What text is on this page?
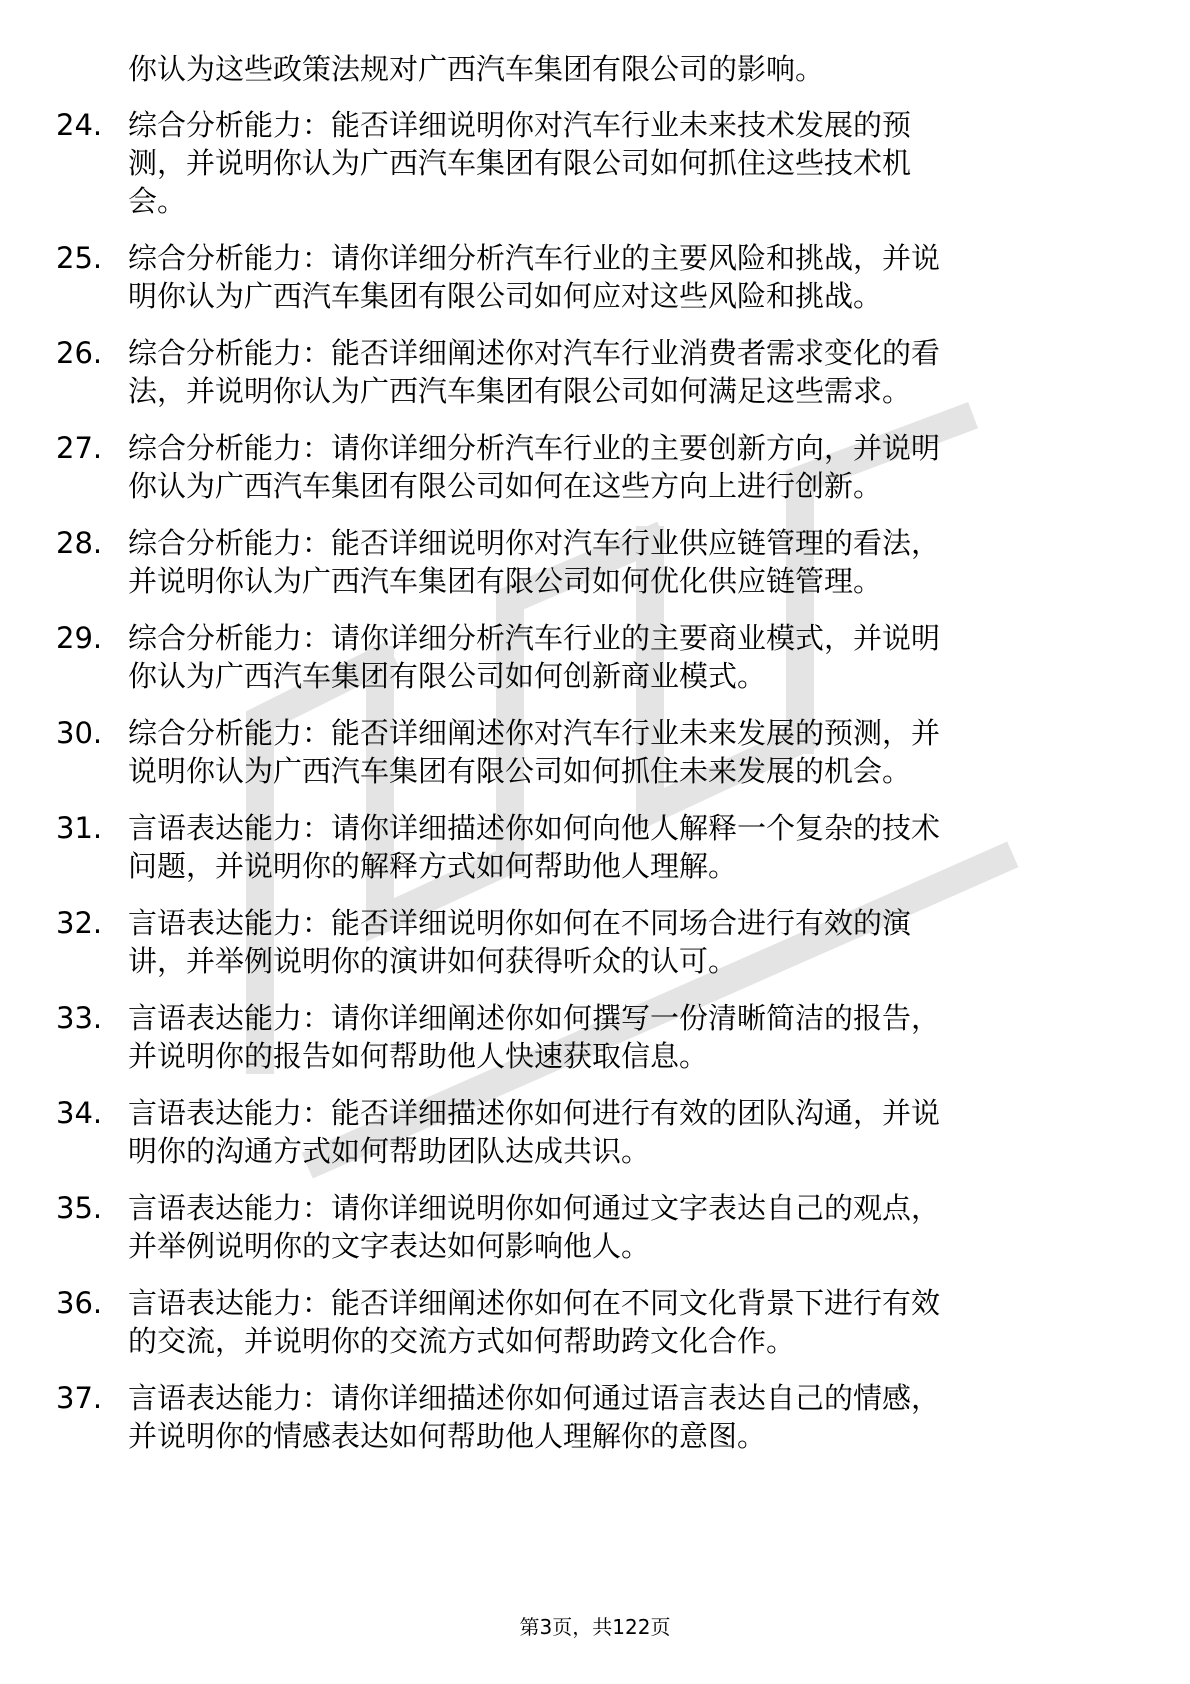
你认为这些政策法规对广西汽车集团有限公司的影响。
24. 综合分析能力：能否详细说明你对汽车行业未来技术发展的预
测，并说明你认为广西汽车集团有限公司如何抓住这些技术机
会。
25. 综合分析能力：请你详细分析汽车行业的主要风险和挑战，并说
明你认为广西汽车集团有限公司如何应对这些风险和挑战。
26. 综合分析能力：能否详细阐述你对汽车行业消费者需求变化的看
法，并说明你认为广西汽车集团有限公司如何满足这些需求。
27. 综合分析能力：请你详细分析汽车行业的主要创新方向，并说明
你认为广西汽车集团有限公司如何在这些方向上进行创新。
28. 综合分析能力：能否详细说明你对汽车行业供应链管理的看法，
并说明你认为广西汽车集团有限公司如何优化供应链管理。
29. 综合分析能力：请你详细分析汽车行业的主要商业模式，并说明
你认为广西汽车集团有限公司如何创新商业模式。
30. 综合分析能力：能否详细阐述你对汽车行业未来发展的预测，并
说明你认为广西汽车集团有限公司如何抓住未来发展的机会。
31. 言语表达能力：请你详细描述你如何向他人解释一个复杂的技术
问题，并说明你的解释方式如何帮助他人理解。
32. 言语表达能力：能否详细说明你如何在不同场合进行有效的演
讲，并举例说明你的演讲如何获得听众的认可。
33. 言语表达能力：请你详细阐述你如何撰写一份清晰简洁的报告，
并说明你的报告如何帮助他人快速获取信息。
34. 言语表达能力：能否详细描述你如何进行有效的团队沟通，并说
明你的沟通方式如何帮助团队达成共识。
35. 言语表达能力：请你详细说明你如何通过文字表达自己的观点，
并举例说明你的文字表达如何影响他人。
36. 言语表达能力：能否详细阐述你如何在不同文化背景下进行有效
的交流，并说明你的交流方式如何帮助跨文化合作。
37. 言语表达能力：请你详细描述你如何通过语言表达自己的情感，
并说明你的情感表达如何帮助他人理解你的意图。
第3页，共122页
